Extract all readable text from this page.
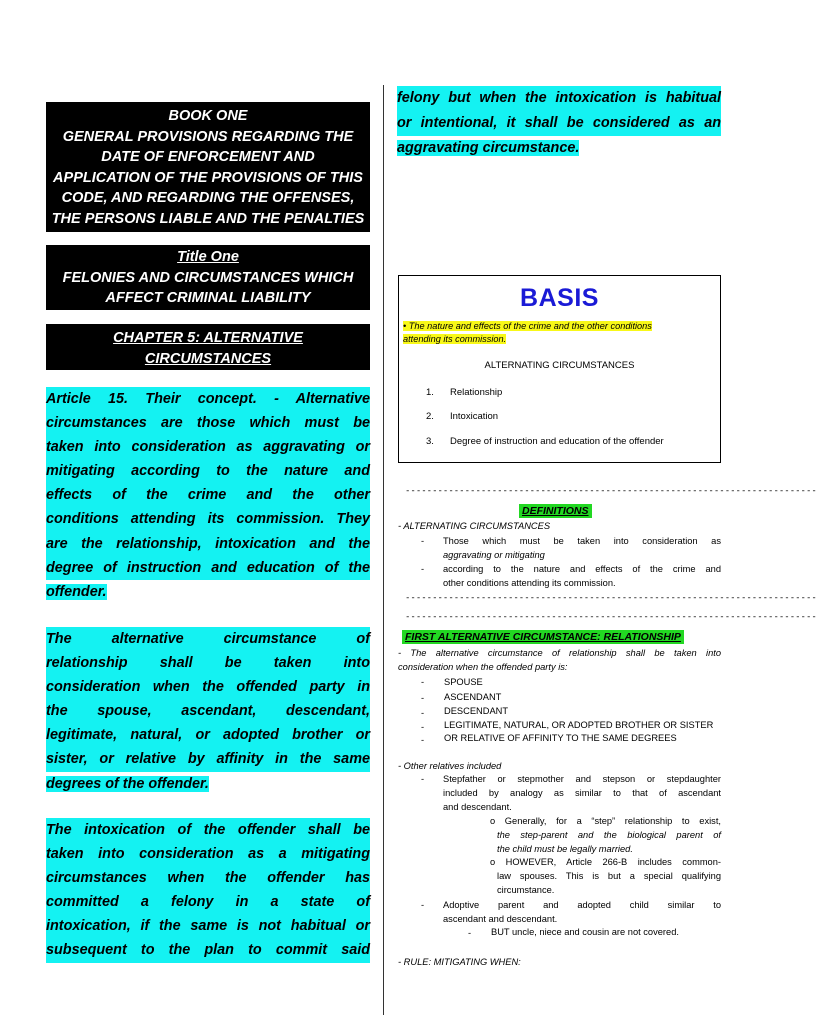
BOOK ONE
GENERAL PROVISIONS REGARDING THE
DATE OF ENFORCEMENT AND
APPLICATION OF THE PROVISIONS OF THIS
CODE, AND REGARDING THE OFFENSES,
THE PERSONS LIABLE AND THE PENALTIES
Title One
FELONIES AND CIRCUMSTANCES WHICH
AFFECT CRIMINAL LIABILITY
CHAPTER 5: ALTERNATIVE
CIRCUMSTANCES
Article 15. Their concept. - Alternative
circumstances are those which must be
taken into consideration as aggravating or
mitigating according to the nature and
effects of the crime and the other
conditions attending its commission. They
are the relationship, intoxication and the
degree of instruction and education of the
offender.
The alternative circumstance of
relationship shall be taken into
consideration when the offended party in
the spouse, ascendant, descendant,
legitimate, natural, or adopted brother or
sister, or relative by affinity in the same
degrees of the offender.
The intoxication of the offender shall be
taken into consideration as a mitigating
circumstances when the offender has
committed a felony in a state of
intoxication, if the same is not habitual or
subsequent to the plan to commit said
felony but when the intoxication is habitual
or intentional, it shall be considered as an
aggravating circumstance.
BASIS
• The nature and effects of the crime and the other conditions
attending its commission.
ALTERNATING CIRCUMSTANCES
1. Relationship
2. Intoxication
3. Degree of instruction and education of the offender
----------------------------------------------------------------------------
DEFINITIONS
- ALTERNATING CIRCUMSTANCES
- Those which must be taken into consideration as
aggravating or mitigating
- according to the nature and effects of the crime and
other conditions attending its commission.
----------------------------------------------------------------------------
----------------------------------------------------------------------------
FIRST ALTERNATIVE CIRCUMSTANCE: RELATIONSHIP
- The alternative circumstance of relationship shall be taken into
consideration when the offended party is:
- SPOUSE
- ASCENDANT
- DESCENDANT
- LEGITIMATE, NATURAL, OR ADOPTED BROTHER OR SISTER
- OR RELATIVE OF AFFINITY TO THE SAME DEGREES
- Other relatives included
- Stepfather or stepmother and stepson or stepdaughter
included by analogy as similar to that of ascendant
and descendant.
o Generally, for a “step” relationship to exist,
the step-parent and the biological parent of
the child must be legally married.
o HOWEVER, Article 266-B includes common-
law spouses. This is but a special qualifying
circumstance.
- Adoptive parent and adopted child similar to
ascendant and descendant.
- BUT uncle, niece and cousin are not covered.
- RULE: MITIGATING WHEN:
